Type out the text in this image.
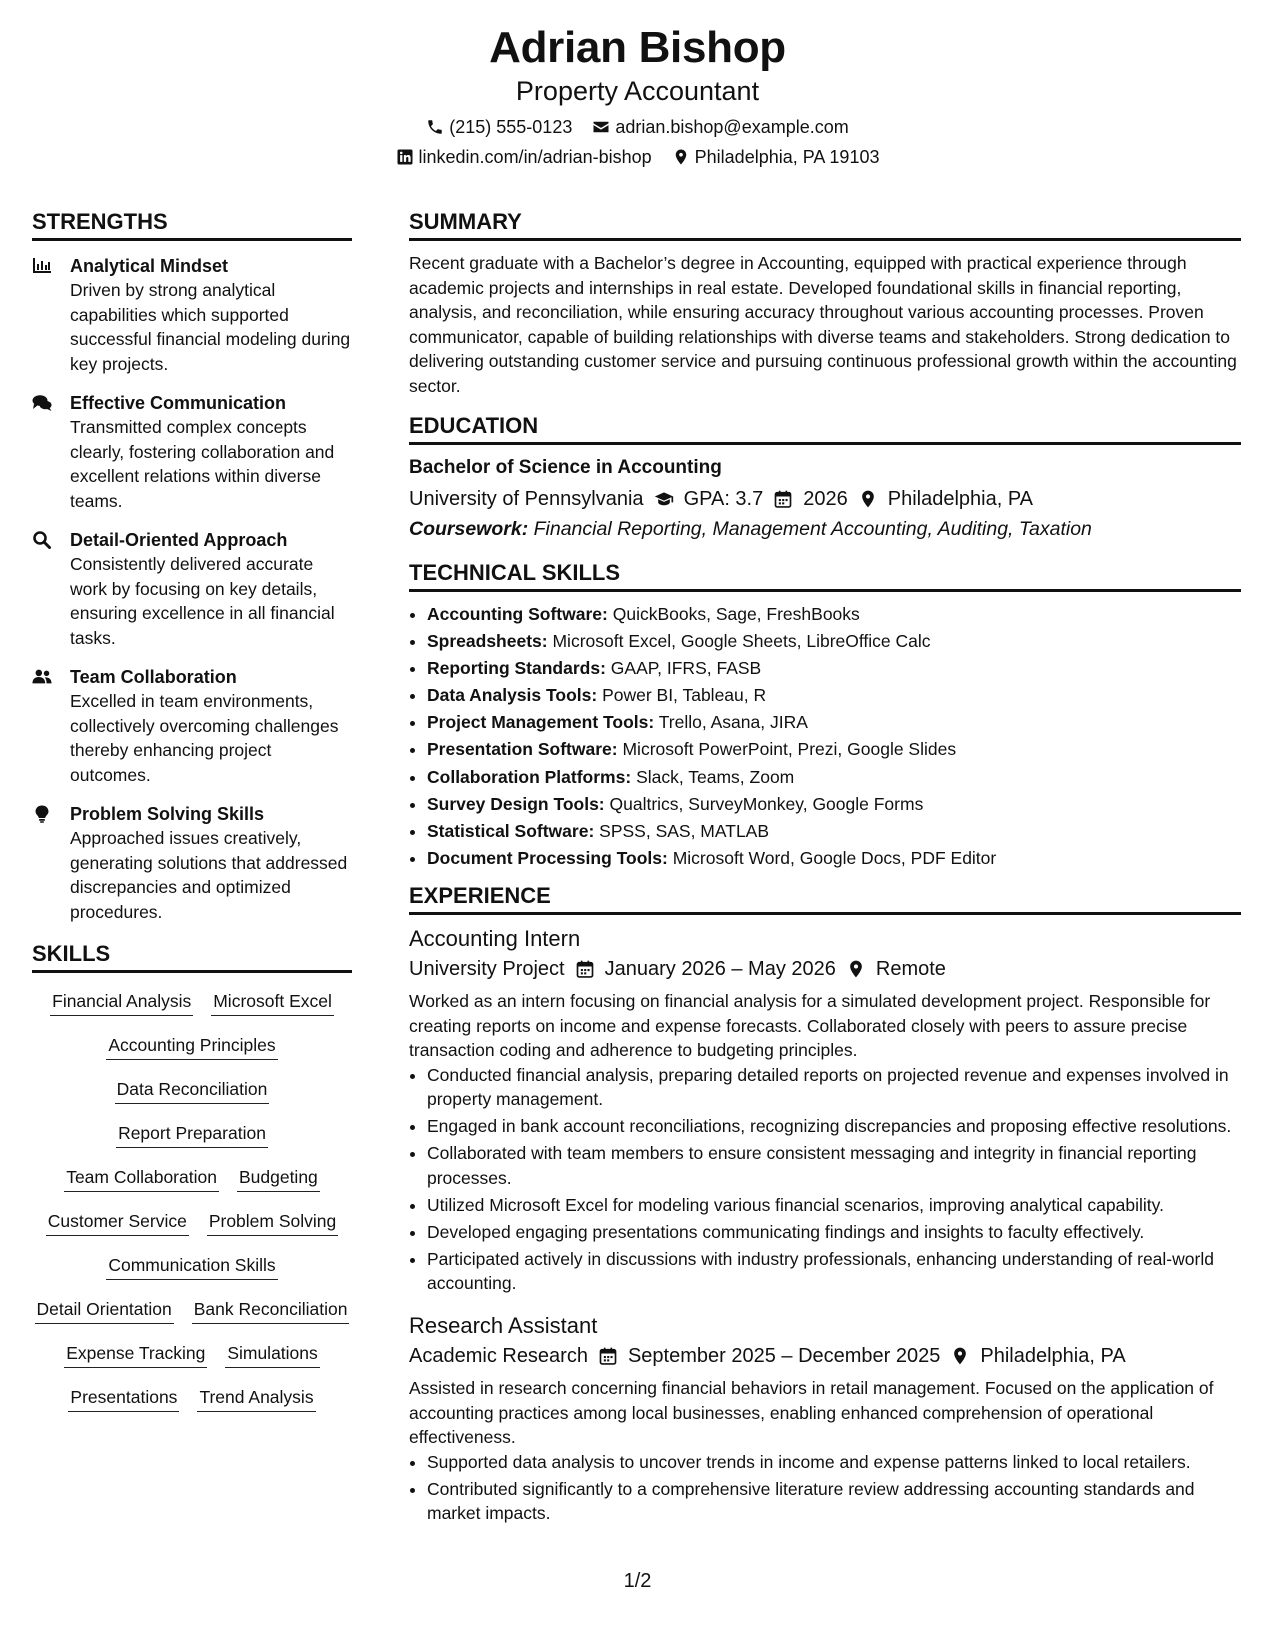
Adrian Bishop
Property Accountant
(215) 555-0123 adrian.bishop@example.com
linkedin.com/in/adrian-bishop Philadelphia, PA 19103
STRENGTHS
Analytical Mindset
Driven by strong analytical capabilities which supported successful financial modeling during key projects.
Effective Communication
Transmitted complex concepts clearly, fostering collaboration and excellent relations within diverse teams.
Detail-Oriented Approach
Consistently delivered accurate work by focusing on key details, ensuring excellence in all financial tasks.
Team Collaboration
Excelled in team environments, collectively overcoming challenges thereby enhancing project outcomes.
Problem Solving Skills
Approached issues creatively, generating solutions that addressed discrepancies and optimized procedures.
SKILLS
Financial Analysis Microsoft Excel
Accounting Principles
Data Reconciliation
Report Preparation
Team Collaboration Budgeting
Customer Service Problem Solving
Communication Skills
Detail Orientation Bank Reconciliation
Expense Tracking Simulations
Presentations Trend Analysis
SUMMARY
Recent graduate with a Bachelor’s degree in Accounting, equipped with practical experience through academic projects and internships in real estate. Developed foundational skills in financial reporting, analysis, and reconciliation, while ensuring accuracy throughout various accounting processes. Proven communicator, capable of building relationships with diverse teams and stakeholders. Strong dedication to delivering outstanding customer service and pursuing continuous professional growth within the accounting sector.
EDUCATION
Bachelor of Science in Accounting
University of Pennsylvania GPA: 3.7 2026 Philadelphia, PA
Coursework: Financial Reporting, Management Accounting, Auditing, Taxation
TECHNICAL SKILLS
• Accounting Software: QuickBooks, Sage, FreshBooks
• Spreadsheets: Microsoft Excel, Google Sheets, LibreOffice Calc
• Reporting Standards: GAAP, IFRS, FASB
• Data Analysis Tools: Power BI, Tableau, R
• Project Management Tools: Trello, Asana, JIRA
• Presentation Software: Microsoft PowerPoint, Prezi, Google Slides
• Collaboration Platforms: Slack, Teams, Zoom
• Survey Design Tools: Qualtrics, SurveyMonkey, Google Forms
• Statistical Software: SPSS, SAS, MATLAB
• Document Processing Tools: Microsoft Word, Google Docs, PDF Editor
EXPERIENCE
Accounting Intern
University Project January 2026 – May 2026 Remote
Worked as an intern focusing on financial analysis for a simulated development project. Responsible for creating reports on income and expense forecasts. Collaborated closely with peers to assure precise transaction coding and adherence to budgeting principles.
• Conducted financial analysis, preparing detailed reports on projected revenue and expenses involved in property management.
• Engaged in bank account reconciliations, recognizing discrepancies and proposing effective resolutions.
• Collaborated with team members to ensure consistent messaging and integrity in financial reporting processes.
• Utilized Microsoft Excel for modeling various financial scenarios, improving analytical capability.
• Developed engaging presentations communicating findings and insights to faculty effectively.
• Participated actively in discussions with industry professionals, enhancing understanding of real-world accounting.
Research Assistant
Academic Research September 2025 – December 2025 Philadelphia, PA
Assisted in research concerning financial behaviors in retail management. Focused on the application of accounting practices among local businesses, enabling enhanced comprehension of operational effectiveness.
• Supported data analysis to uncover trends in income and expense patterns linked to local retailers.
• Contributed significantly to a comprehensive literature review addressing accounting standards and market impacts.
1/2
